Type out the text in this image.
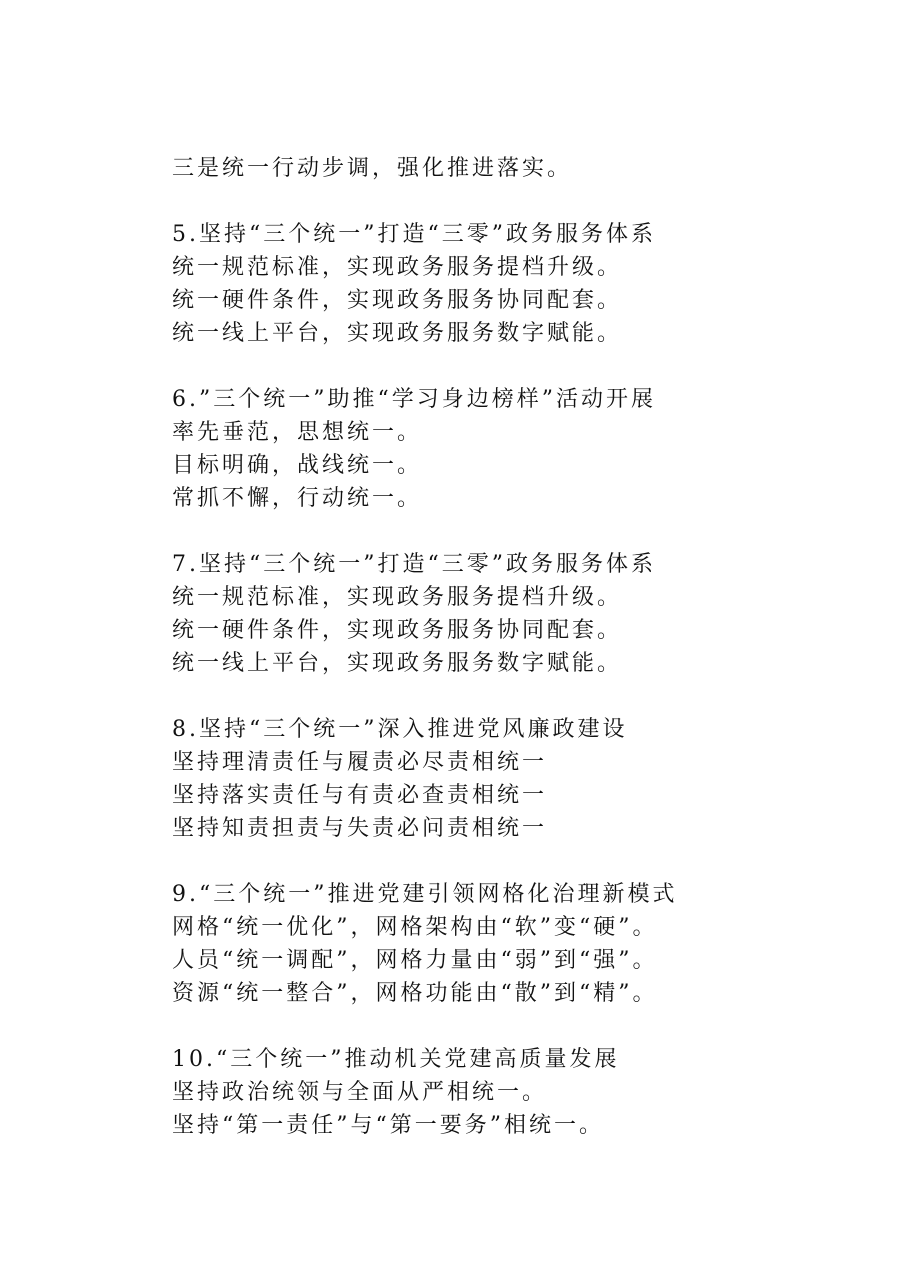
三是统一行动步调，强化推进落实。
5.坚持“三个统一”打造“三零”政务服务体系
统一规范标准，实现政务服务提档升级。
统一硬件条件，实现政务服务协同配套。
统一线上平台，实现政务服务数字赋能。
6.”三个统一”助推“学习身边榜样”活动开展
率先垂范，思想统一。
目标明确，战线统一。
常抓不懈，行动统一。
7.坚持“三个统一”打造“三零”政务服务体系
统一规范标准，实现政务服务提档升级。
统一硬件条件，实现政务服务协同配套。
统一线上平台，实现政务服务数字赋能。
8.坚持“三个统一”深入推进党风廉政建设
坚持理清责任与履责必尽责相统一
坚持落实责任与有责必查责相统一
坚持知责担责与失责必问责相统一
9.“三个统一”推进党建引领网格化治理新模式
网格“统一优化”，网格架构由“软”变“硬”。
人员“统一调配”，网格力量由“弱”到“强”。
资源“统一整合”，网格功能由“散”到“精”。
10.“三个统一”推动机关党建高质量发展
坚持政治统领与全面从严相统一。
坚持“第一责任”与“第一要务”相统一。
